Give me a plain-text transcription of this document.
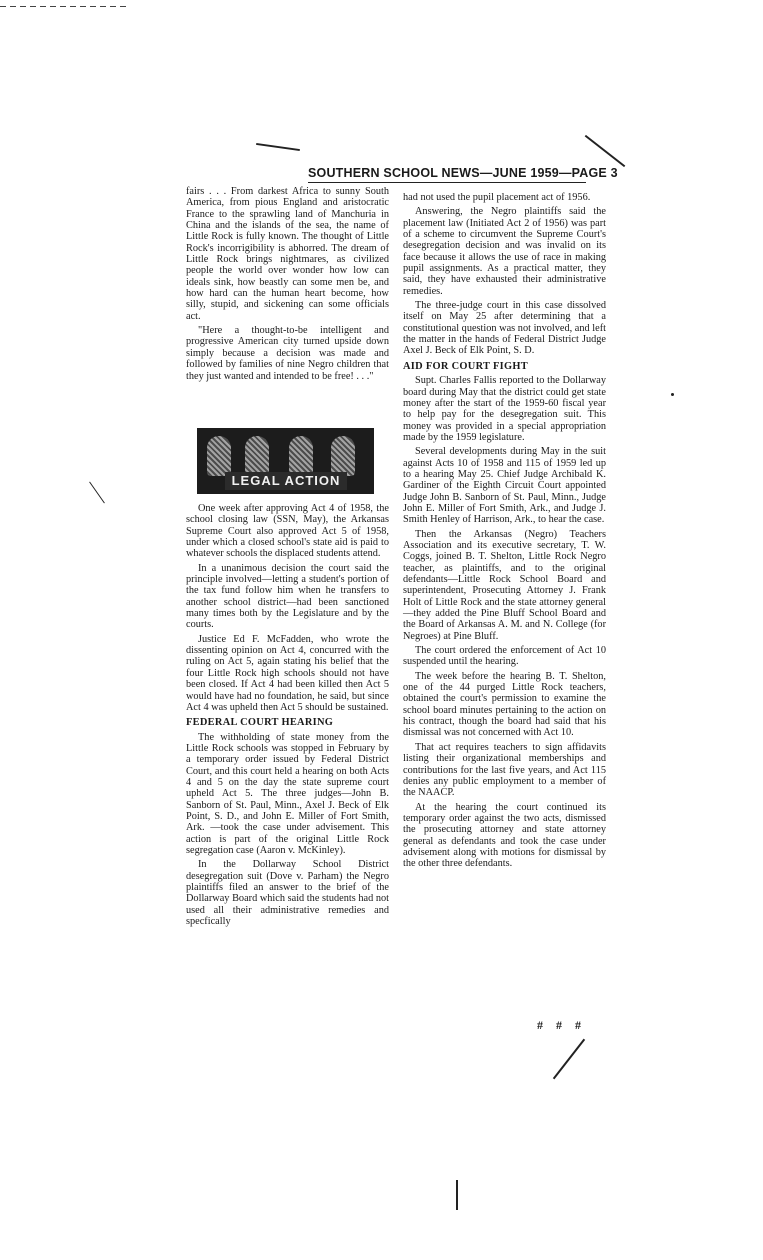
SOUTHERN SCHOOL NEWS—JUNE 1959—PAGE 3

fairs . . . From darkest Africa to sunny South America, from pious England and aristocratic France to the sprawling land of Manchuria in China and the islands of the sea, the name of Little Rock is fully known. The thought of Little Rock's incorrigibility is abhorred. The dream of Little Rock brings nightmares, as civilized people the world over wonder how low can ideals sink, how beastly can some men be, and how hard can the human heart become, how silly, stupid, and sickening can some officials act.

"Here a thought-to-be intelligent and progressive American city turned upside down simply because a decision was made and followed by families of nine Negro children that they just wanted and intended to be free! . . ."

LEGAL ACTION

One week after approving Act 4 of 1958, the school closing law (SSN, May), the Arkansas Supreme Court also approved Act 5 of 1958, under which a closed school's state aid is paid to whatever schools the displaced students attend.

In a unanimous decision the court said the principle involved—letting a student's portion of the tax fund follow him when he transfers to another school district—had been sanctioned many times both by the Legislature and by the courts.

Justice Ed F. McFadden, who wrote the dissenting opinion on Act 4, concurred with the ruling on Act 5, again stating his belief that the four Little Rock high schools should not have been closed. If Act 4 had been killed then Act 5 would have had no foundation, he said, but since Act 4 was upheld then Act 5 should be sustained.

FEDERAL COURT HEARING

The withholding of state money from the Little Rock schools was stopped in February by a temporary order issued by Federal District Court, and this court held a hearing on both Acts 4 and 5 on the day the state supreme court upheld Act 5. The three judges—John B. Sanborn of St. Paul, Minn., Axel J. Beck of Elk Point, S. D., and John E. Miller of Fort Smith, Ark. —took the case under advisement. This action is part of the original Little Rock segregation case (Aaron v. McKinley).

In the Dollarway School District desegregation suit (Dove v. Parham) the Negro plaintiffs filed an answer to the brief of the Dollarway Board which said the students had not used all their administrative remedies and specfically

had not used the pupil placement act of 1956.

Answering, the Negro plaintiffs said the placement law (Initiated Act 2 of 1956) was part of a scheme to circumvent the Supreme Court's desegregation decision and was invalid on its face because it allows the use of race in making pupil assignments. As a practical matter, they said, they have exhausted their administrative remedies.

The three-judge court in this case dissolved itself on May 25 after determining that a constitutional question was not involved, and left the matter in the hands of Federal District Judge Axel J. Beck of Elk Point, S. D.

AID FOR COURT FIGHT

Supt. Charles Fallis reported to the Dollarway board during May that the district could get state money after the start of the 1959-60 fiscal year to help pay for the desegregation suit. This money was provided in a special appropriation made by the 1959 legislature.

Several developments during May in the suit against Acts 10 of 1958 and 115 of 1959 led up to a hearing May 25. Chief Judge Archibald K. Gardiner of the Eighth Circuit Court appointed Judge John B. Sanborn of St. Paul, Minn., Judge John E. Miller of Fort Smith, Ark., and Judge J. Smith Henley of Harrison, Ark., to hear the case.

Then the Arkansas (Negro) Teachers Association and its executive secretary, T. W. Coggs, joined B. T. Shelton, Little Rock Negro teacher, as plaintiffs, and to the original defendants—Little Rock School Board and superintendent, Prosecuting Attorney J. Frank Holt of Little Rock and the state attorney general—they added the Pine Bluff School Board and the Board of Arkansas A. M. and N. College (for Negroes) at Pine Bluff.

The court ordered the enforcement of Act 10 suspended until the hearing.

The week before the hearing B. T. Shelton, one of the 44 purged Little Rock teachers, obtained the court's permission to examine the school board minutes pertaining to the action on his contract, though the board had said that his dismissal was not concerned with Act 10.

That act requires teachers to sign affidavits listing their organizational memberships and contributions for the last five years, and Act 115 denies any public employment to a member of the NAACP.

At the hearing the court continued its temporary order against the two acts, dismissed the prosecuting attorney and state attorney general as defendants and took the case under advisement along with motions for dismissal by the other three defendants.

# # #
